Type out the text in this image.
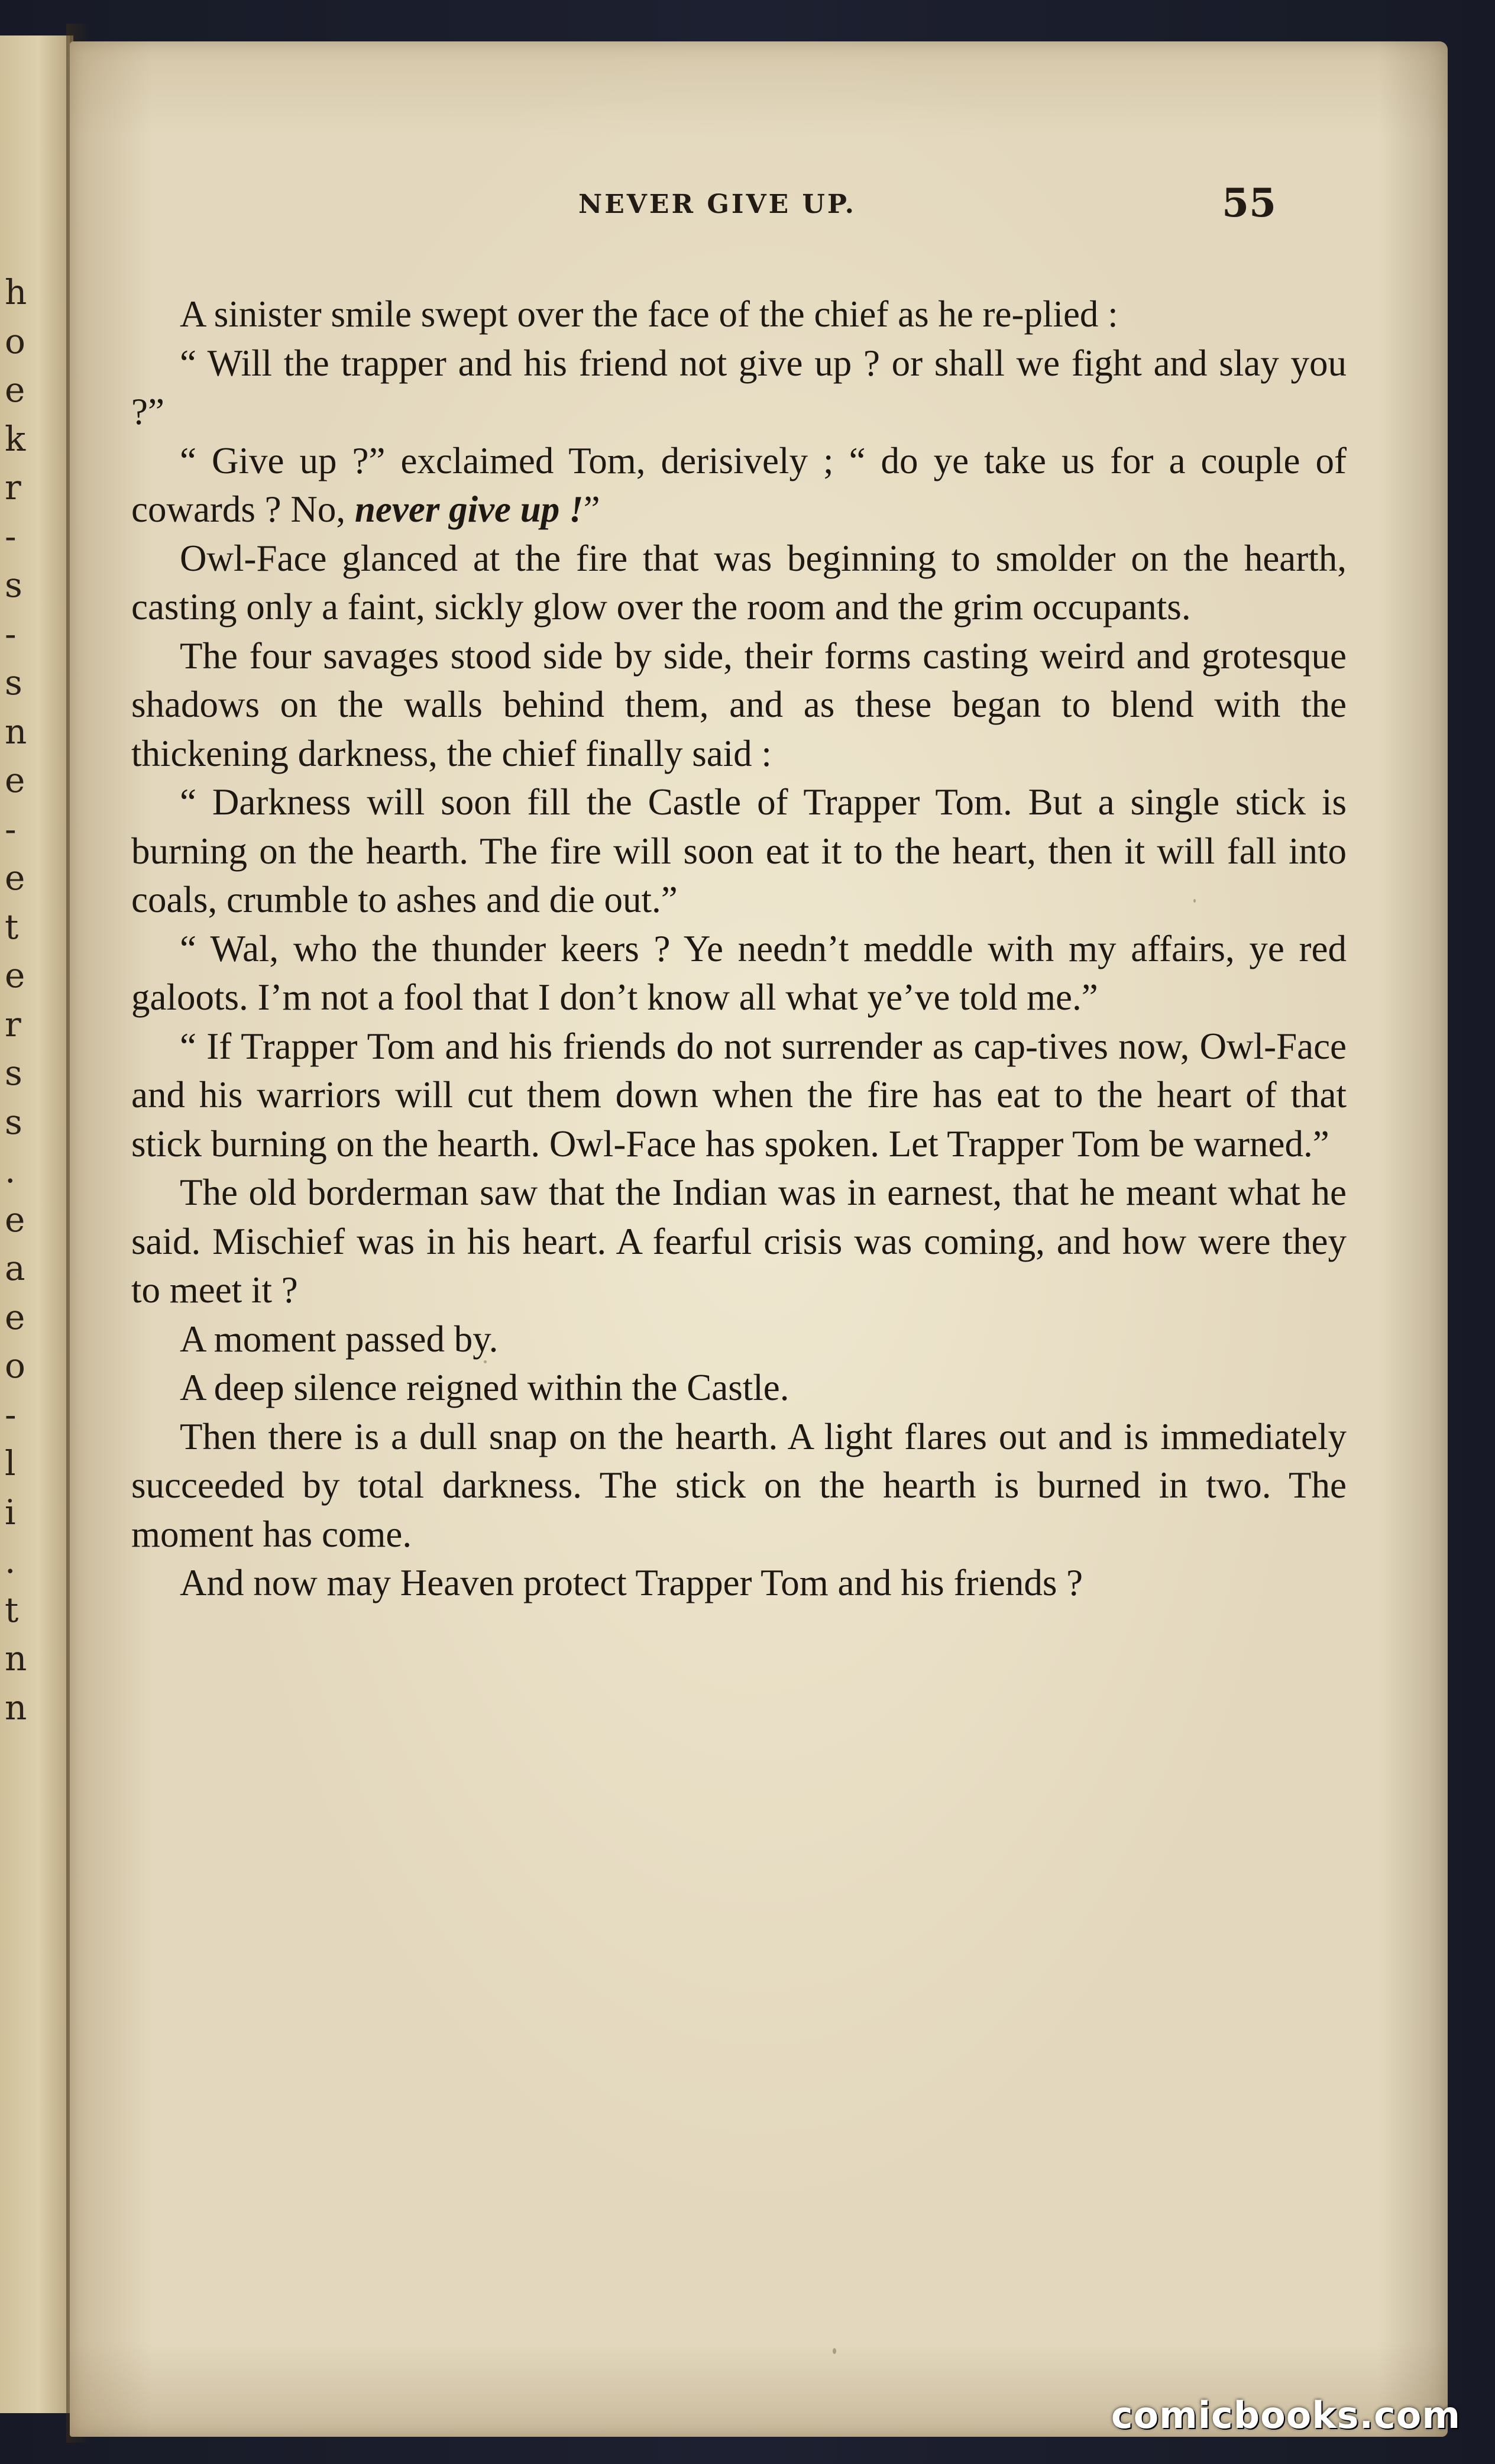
h
o
e
k
r
-
s
-
s
n
e
-
e
t
e
r
s
s
.
e
a
e
o
-
l
i
.
t
n
n
NEVER GIVE UP.	55

A sinister smile swept over the face of the chief as he re-plied :

“ Will the trapper and his friend not give up ? or shall we fight and slay you ?”

“ Give up ?” exclaimed Tom, derisively ; “ do ye take us for a couple of cowards ? No, never give up !”

Owl-Face glanced at the fire that was beginning to smolder on the hearth, casting only a faint, sickly glow over the room and the grim occupants.

The four savages stood side by side, their forms casting weird and grotesque shadows on the walls behind them, and as these began to blend with the thickening darkness, the chief finally said :

“ Darkness will soon fill the Castle of Trapper Tom. But a single stick is burning on the hearth. The fire will soon eat it to the heart, then it will fall into coals, crumble to ashes and die out.”

“ Wal, who the thunder keers ? Ye needn’t meddle with my affairs, ye red galoots. I’m not a fool that I don’t know all what ye’ve told me.”

“ If Trapper Tom and his friends do not surrender as cap-tives now, Owl-Face and his warriors will cut them down when the fire has eat to the heart of that stick burning on the hearth. Owl-Face has spoken. Let Trapper Tom be warned.”

The old borderman saw that the Indian was in earnest, that he meant what he said. Mischief was in his heart. A fearful crisis was coming, and how were they to meet it ?

A moment passed by.

A deep silence reigned within the Castle.

Then there is a dull snap on the hearth. A light flares out and is immediately succeeded by total darkness. The stick on the hearth is burned in two. The moment has come.

And now may Heaven protect Trapper Tom and his friends ?

comicbooks.com
